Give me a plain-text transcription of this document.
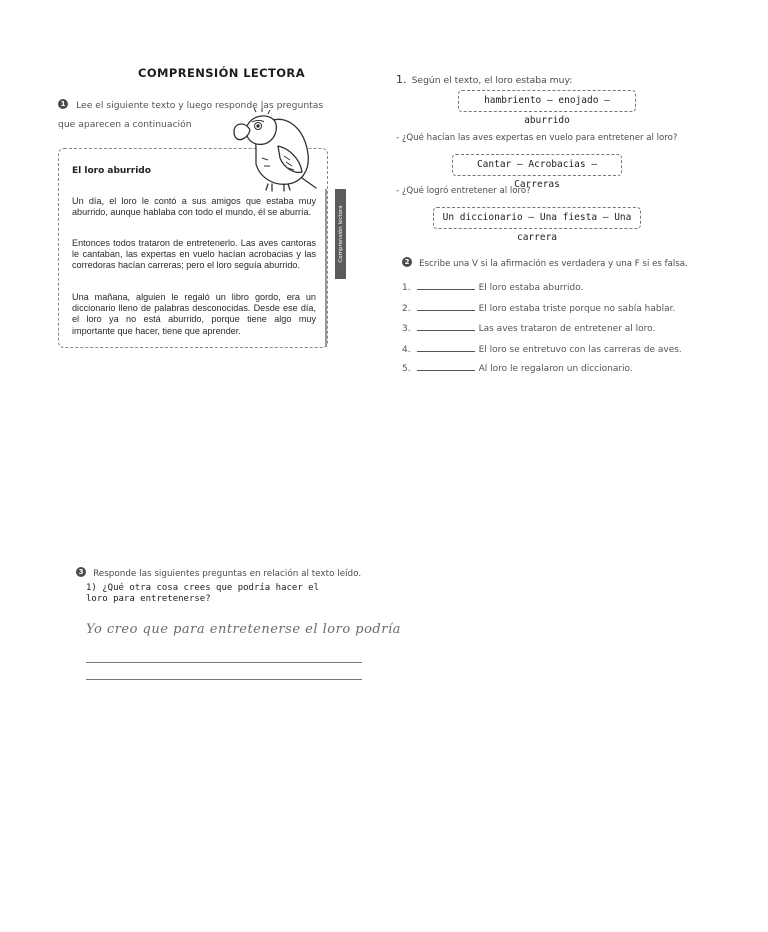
COMPRENSIÓN LECTORA
1 Lee el siguiente texto y luego responde las preguntas que aparecen a continuación
Comprensión lectora
El loro aburrido
Un día, el loro le contó a sus amigos que estaba muy aburrido, aunque hablaba con todo el mundo, él se aburría.
Entonces todos trataron de entretenerlo. Las aves cantoras le cantaban, las expertas en vuelo hacían acrobacias y las corredoras hacían carreras; pero el loro seguía aburrido.
Una mañana, alguien le regaló un libro gordo, era un diccionario lleno de palabras desconocidas. Desde ese día, el loro ya no está aburrido, porque tiene algo muy importante que hacer, tiene que aprender.
1. Según el texto, el loro estaba muy:
hambriento – enojado – aburrido
- ¿Qué hacían las aves expertas en vuelo para entretener al loro?
Cantar – Acrobacias – Carreras
- ¿Qué logró entretener al loro?
Un diccionario – Una fiesta – Una carrera
2 Escribe una V si la afirmación es verdadera y una F si es falsa.
1.	El loro estaba aburrido.
2.	El loro estaba triste porque no sabía hablar.
3.	Las aves trataron de entretener al loro.
4.	El loro se entretuvo con las carreras de aves.
5.	Al loro le regalaron un diccionario.
3 Responde las siguientes preguntas en relación al texto leído.
1) ¿Qué otra cosa crees que podría hacer el loro para entretenerse?
Yo creo que para entretenerse el loro podría
